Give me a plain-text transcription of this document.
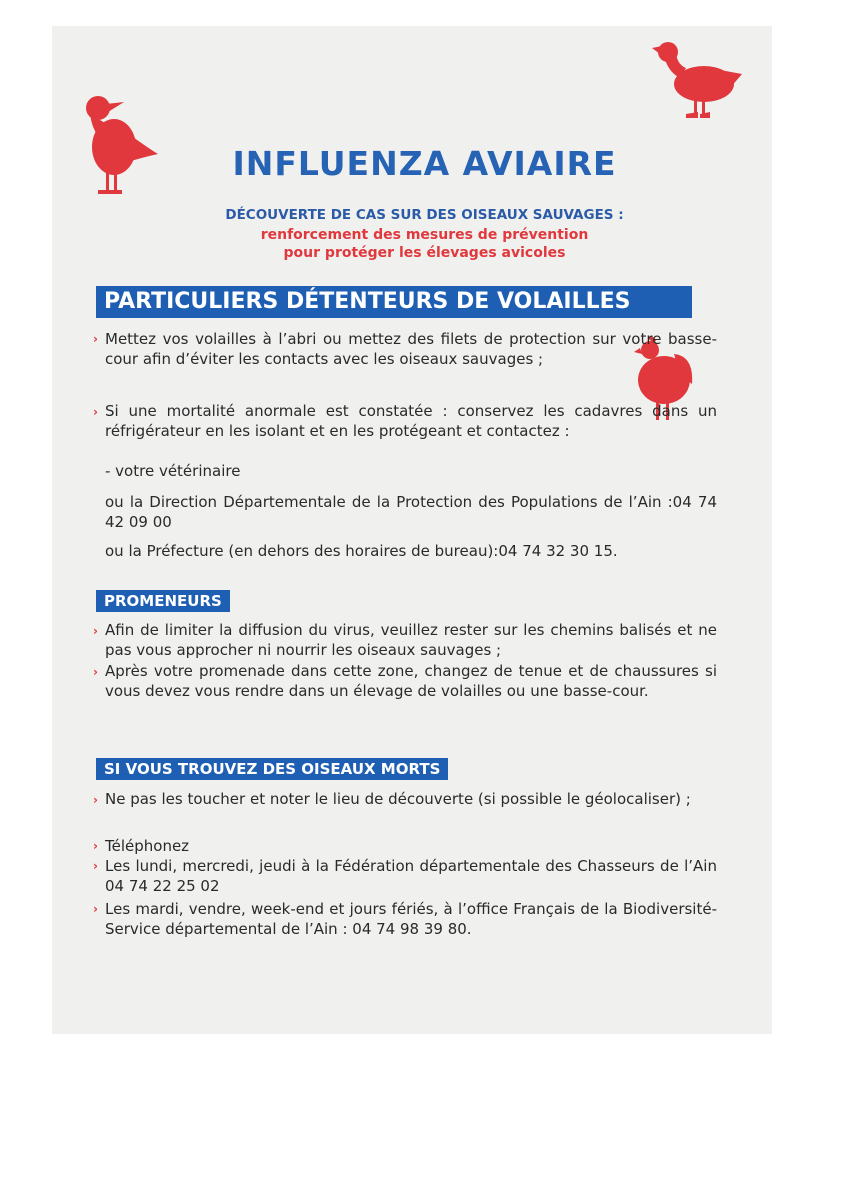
INFLUENZA AVIAIRE
DÉCOUVERTE DE CAS SUR DES OISEAUX SAUVAGES :
renforcement des mesures de prévention
pour protéger les élevages avicoles
PARTICULIERS DÉTENTEURS DE VOLAILLES
› Mettez vos volailles à l’abri ou mettez des filets de protection sur votre basse-cour afin d’éviter les contacts avec les oiseaux sauvages ;
› Si une mortalité anormale est constatée : conservez les cadavres dans un réfrigérateur en les isolant et en les protégeant et contactez :
- votre vétérinaire
ou la Direction Départementale de la Protection des Populations de l’Ain :04 74 42 09 00
ou la Préfecture (en dehors des horaires de bureau):04 74 32 30 15.
PROMENEURS
› Afin de limiter la diffusion du virus, veuillez rester sur les chemins balisés et ne pas vous approcher ni nourrir les oiseaux sauvages ;
› Après votre promenade dans cette zone, changez de tenue et de chaussures si vous devez vous rendre dans un élevage de volailles ou une basse-cour.
SI VOUS TROUVEZ DES OISEAUX MORTS
› Ne pas les toucher et noter le lieu de découverte (si possible le géolocaliser) ;
› Téléphonez
› Les lundi, mercredi, jeudi à la Fédération départementale des Chasseurs de l’Ain 04 74 22 25 02
› Les mardi, vendre, week-end et jours fériés, à l’office Français de la Biodiversité-Service départemental de l’Ain : 04 74 98 39 80.
